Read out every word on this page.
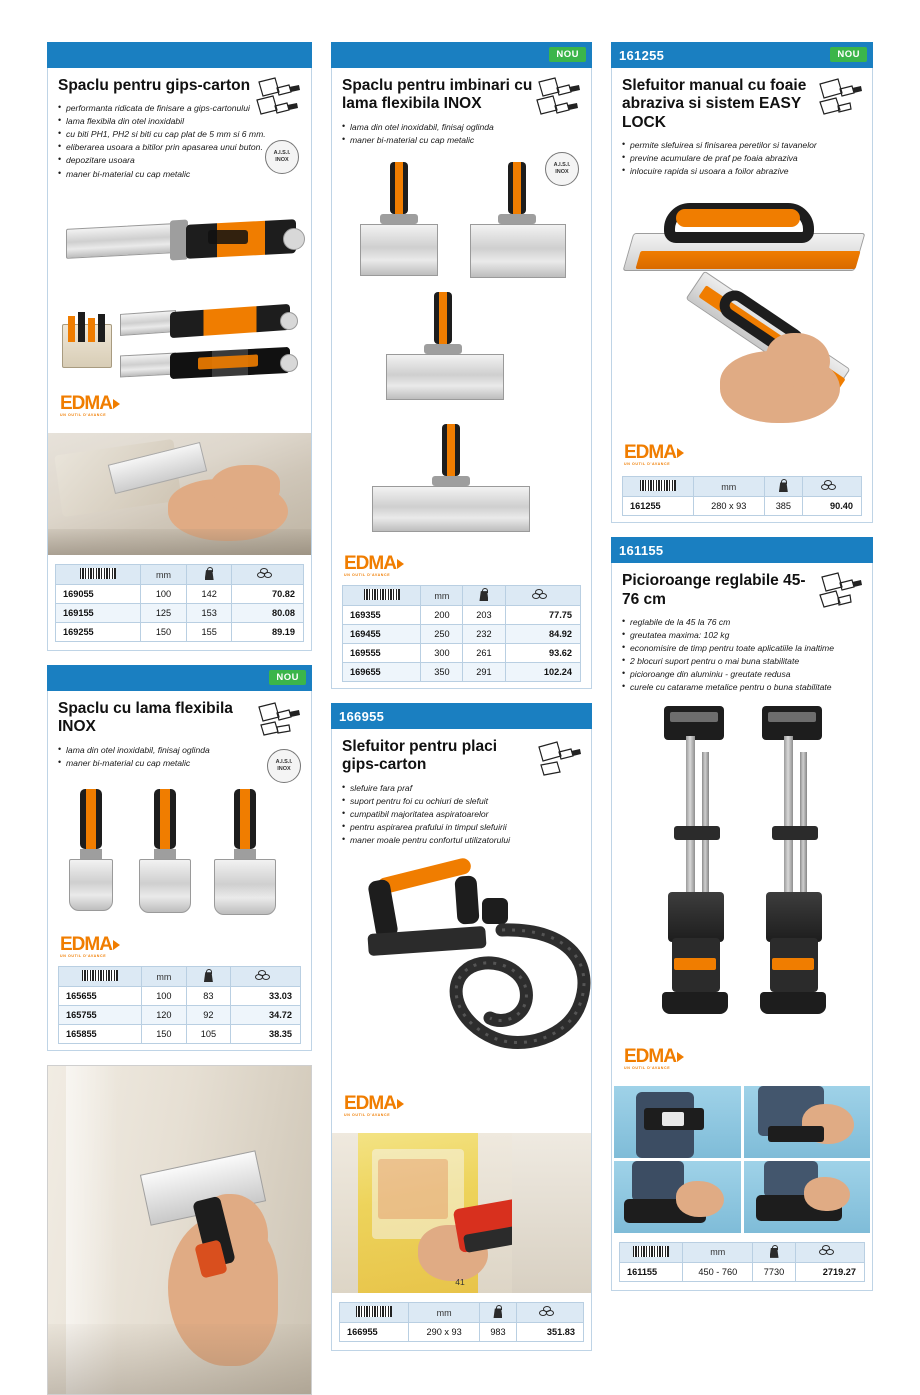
Spaclu pentru gips-carton
• performanta ridicata de finisare a gips-cartonului
• lama flexibila din otel inoxidabil
• cu biti PH1, PH2 si biti cu cap plat de 5 mm si 6 mm.
• eliberarea usoara a bitilor prin apasarea unui buton.
• depozitare usoara
• maner bi-material cu cap metalic
A.I.S.I.
INOX
EDMA
UN OUTIL D'AVANCE
	mm		

169055	100	142	70.82
169155	125	153	80.08
169255	150	155	89.19
NOU
Spaclu cu lama flexibila INOX
• lama din otel inoxidabil, finisaj oglinda
• maner bi-material cu cap metalic	A.I.S.I.
INOX
EDMA
UN OUTIL D'AVANCE
	mm		

165655	100	83	33.03
165755	120	92	34.72
165855	150	105	38.35
NOU
Spaclu pentru imbinari cu lama flexibila INOX
• lama din otel inoxidabil, finisaj oglinda
• maner bi-material cu cap metalic
A.I.S.I.
INOX
EDMA
UN OUTIL D'AVANCE
	mm		

169355	200	203	77.75
169455	250	232	84.92
169555	300	261	93.62
169655	350	291	102.24
166955
Slefuitor pentru placi gips-carton
• slefuire fara praf
• suport pentru foi cu ochiuri de slefuit
• cumpatibil majoritatea aspiratoarelor
• pentru aspirarea prafului in timpul slefuirii
• maner moale pentru confortul utilizatorului
EDMA
UN OUTIL D'AVANCE
	mm		

166955	290 x 93	983	351.83
161255	NOU
Slefuitor manual cu foaie abraziva si sistem EASY LOCK
• permite slefuirea si finisarea peretilor si tavanelor
• previne acumulare de praf pe foaia abraziva
• inlocuire rapida si usoara a foilor abrazive
EDMA
UN OUTIL D'AVANCE
	mm		

161255	280 x 93	385	90.40
161155
Picioroange reglabile 45-76 cm
• reglabile de la 45 la 76 cm
• greutatea maxima: 102 kg
• economisire de timp pentru toate aplicatiile la inaltime
• 2 blocuri suport pentru o mai buna stabilitate
• picioroange din aluminiu - greutate redusa
• curele cu catarame metalice pentru o buna stabilitate
EDMA
UN OUTIL D'AVANCE
	mm		

161155	450 - 760	7730	2719.27
41
